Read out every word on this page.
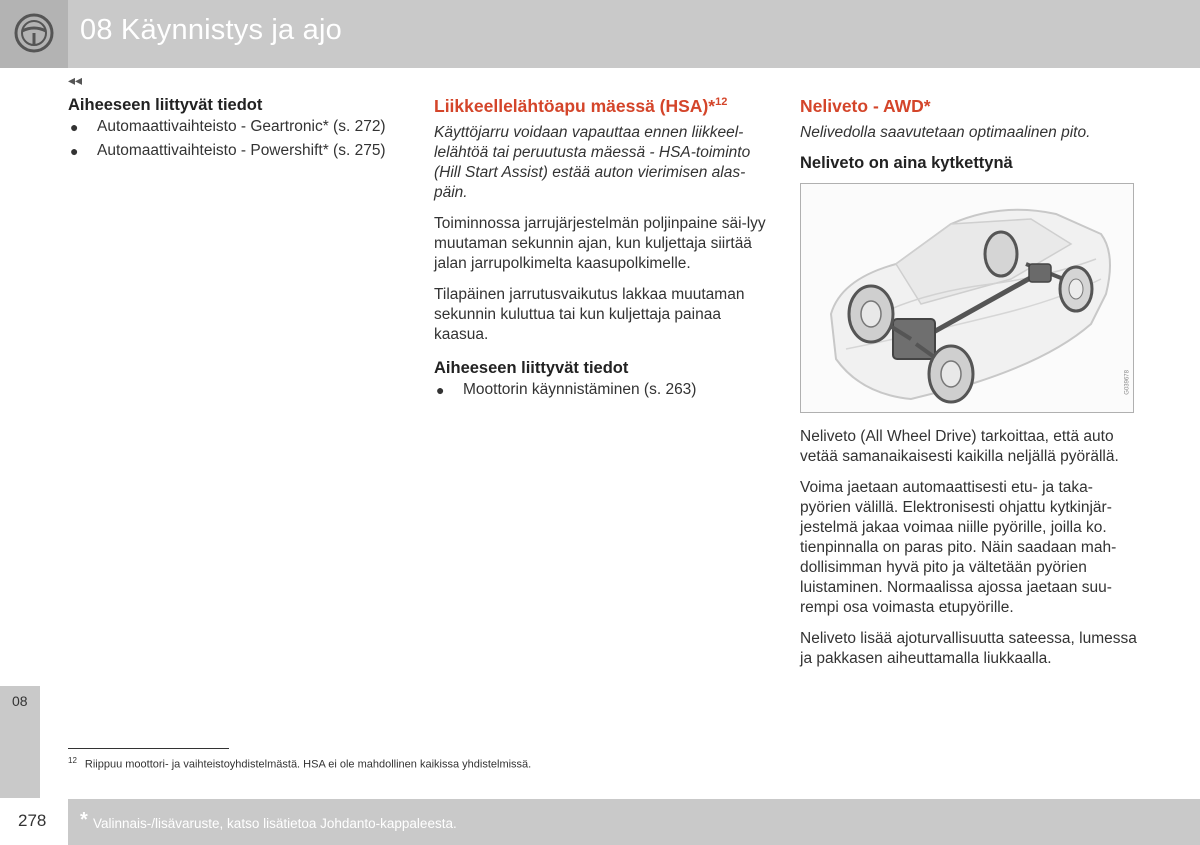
08 Käynnistys ja ajo
◂◂
Aiheeseen liittyvät tiedot
● Automaattivaihteisto - Geartronic* (s. 272)
● Automaattivaihteisto - Powershift* (s. 275)
Liikkeellelähtöapu mäessä (HSA)*$^{12}$

Käyttöjarru voidaan vapauttaa ennen liikkeel-lelähtöä tai peruutusta mäessä - HSA-toiminto (Hill Start Assist) estää auton vierimisen alas-päin.

Toiminnossa jarrujärjestelmän poljinpaine säi-lyy muutaman sekunnin ajan, kun kuljettaja siirtää jalan jarrupolkimelta kaasupolkimelle.

Tilapäinen jarrutusvaikutus lakkaa muutaman sekunnin kuluttua tai kun kuljettaja painaa kaasua.

Aiheeseen liittyvät tiedot
● Moottorin käynnistäminen (s. 263)
Neliveto - AWD*

Nelivedolla saavutetaan optimaalinen pito.

Neliveto on aina kytkettynä
G039678

Neliveto (All Wheel Drive) tarkoittaa, että auto vetää samanaikaisesti kaikilla neljällä pyörällä.

Voima jaetaan automaattisesti etu- ja taka-pyörien välillä. Elektronisesti ohjattu kytkinjär-jestelmä jakaa voimaa niille pyörille, joilla ko. tienpinnalla on paras pito. Näin saadaan mah-dollisimman hyvä pito ja vältetään pyörien luistaminen. Normaalissa ajossa jaetaan suu-rempi osa voimasta etupyörille.

Neliveto lisää ajoturvallisuutta sateessa, lumessa ja pakkasen aiheuttamalla liukkaalla.

08
$^{12}$ Riippuu moottori- ja vaihteistoyhdistelmästä. HSA ei ole mahdollinen kaikissa yhdistelmissä.
278 * Valinnais-/lisävaruste, katso lisätietoa Johdanto-kappaleesta.
